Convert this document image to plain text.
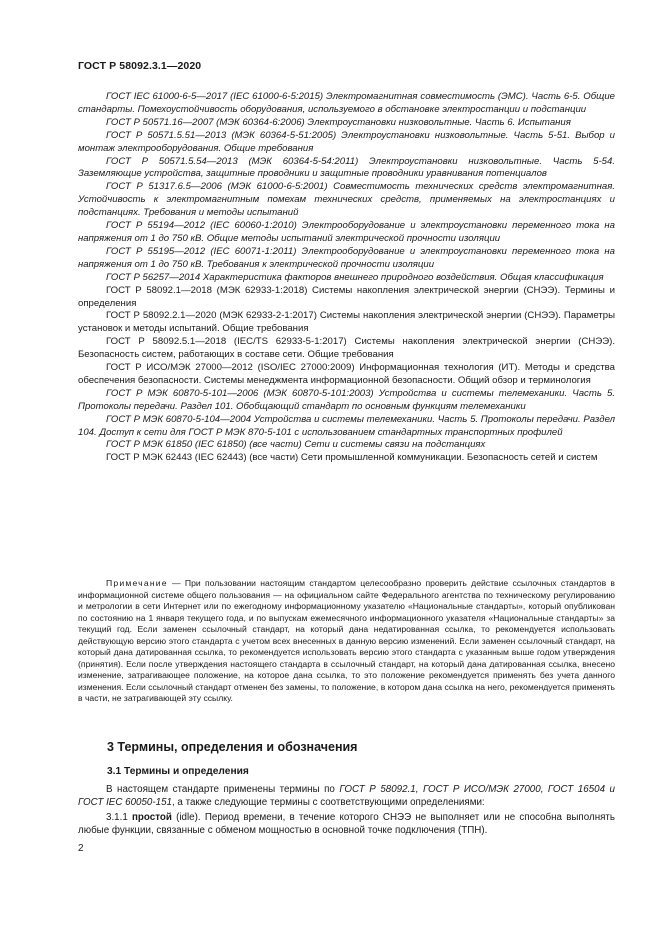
ГОСТ Р 58092.3.1—2020

ГОСТ IEC 61000-6-5—2017 (IEC 61000-6-5:2015) Электромагнитная совместимость (ЭМС). Часть 6-5. Общие стандарты. Помехоустойчивость оборудования, используемого в обстановке электростанции и подстанции

ГОСТ Р 50571.16—2007 (МЭК 60364-6:2006) Электроустановки низковольтные. Часть 6. Испытания

ГОСТ Р 50571.5.51—2013 (МЭК 60364-5-51:2005) Электроустановки низковольтные. Часть 5-51. Выбор и монтаж электрооборудования. Общие требования

ГОСТ Р 50571.5.54—2013 (МЭК 60364-5-54:2011) Электроустановки низковольтные. Часть 5-54. Заземляющие устройства, защитные проводники и защитные проводники уравнивания потенциалов

ГОСТ Р 51317.6.5—2006 (МЭК 61000-6-5:2001) Совместимость технических средств электромагнитная. Устойчивость к электромагнитным помехам технических средств, применяемых на электростанциях и подстанциях. Требования и методы испытаний

ГОСТ Р 55194—2012 (IEC 60060-1:2010) Электрооборудование и электроустановки переменного тока на напряжения от 1 до 750 кВ. Общие методы испытаний электрической прочности изоляции

ГОСТ Р 55195—2012 (IEC 60071-1:2011) Электрооборудование и электроустановки переменного тока на напряжения от 1 до 750 кВ. Требования к электрической прочности изоляции

ГОСТ Р 56257—2014 Характеристика факторов внешнего природного воздействия. Общая классификация

ГОСТ Р 58092.1—2018 (МЭК 62933-1:2018) Системы накопления электрической энергии (СНЭЭ). Термины и определения

ГОСТ Р 58092.2.1—2020 (МЭК 62933-2-1:2017) Системы накопления электрической энергии (СНЭЭ). Параметры установок и методы испытаний. Общие требования

ГОСТ Р 58092.5.1—2018 (IEC/TS 62933-5-1:2017) Системы накопления электрической энергии (СНЭЭ). Безопасность систем, работающих в составе сети. Общие требования

ГОСТ Р ИСО/МЭК 27000—2012 (ISO/IEC 27000:2009) Информационная технология (ИТ). Методы и средства обеспечения безопасности. Системы менеджмента информационной безопасности. Общий обзор и терминология

ГОСТ Р МЭК 60870-5-101—2006 (МЭК 60870-5-101:2003) Устройства и системы телемеханики. Часть 5. Протоколы передачи. Раздел 101. Обобщающий стандарт по основным функциям телемеханики

ГОСТ Р МЭК 60870-5-104—2004 Устройства и системы телемеханики. Часть 5. Протоколы передачи. Раздел 104. Доступ к сети для ГОСТ Р МЭК 870-5-101 с использованием стандартных транспортных профилей

ГОСТ Р МЭК 61850 (IEC 61850) (все части) Сети и системы связи на подстанциях

ГОСТ Р МЭК 62443 (IEC 62443) (все части) Сети промышленной коммуникации. Безопасность сетей и систем

Примечание — При пользовании настоящим стандартом целесообразно проверить действие ссылочных стандартов в информационной системе общего пользования — на официальном сайте Федерального агентства по техническому регулированию и метрологии в сети Интернет или по ежегодному информационному указателю «Национальные стандарты», который опубликован по состоянию на 1 января текущего года, и по выпускам ежемесячного информационного указателя «Национальные стандарты» за текущий год. Если заменен ссылочный стандарт, на который дана недатированная ссылка, то рекомендуется использовать действующую версию этого стандарта с учетом всех внесенных в данную версию изменений. Если заменен ссылочный стандарт, на который дана датированная ссылка, то рекомендуется использовать версию этого стандарта с указанным выше годом утверждения (принятия). Если после утверждения настоящего стандарта в ссылочный стандарт, на который дана датированная ссылка, внесено изменение, затрагивающее положение, на которое дана ссылка, то это положение рекомендуется применять без учета данного изменения. Если ссылочный стандарт отменен без замены, то положение, в котором дана ссылка на него, рекомендуется применять в части, не затрагивающей эту ссылку.

3 Термины, определения и обозначения
3.1 Термины и определения

В настоящем стандарте применены термины по ГОСТ Р 58092.1, ГОСТ Р ИСО/МЭК 27000, ГОСТ 16504 и ГОСТ IEC 60050-151, а также следующие термины с соответствующими определениями:

3.1.1 простой (idle). Период времени, в течение которого СНЭЭ не выполняет или не способна выполнять любые функции, связанные с обменом мощностью в основной точке подключения (ТПН).

2
